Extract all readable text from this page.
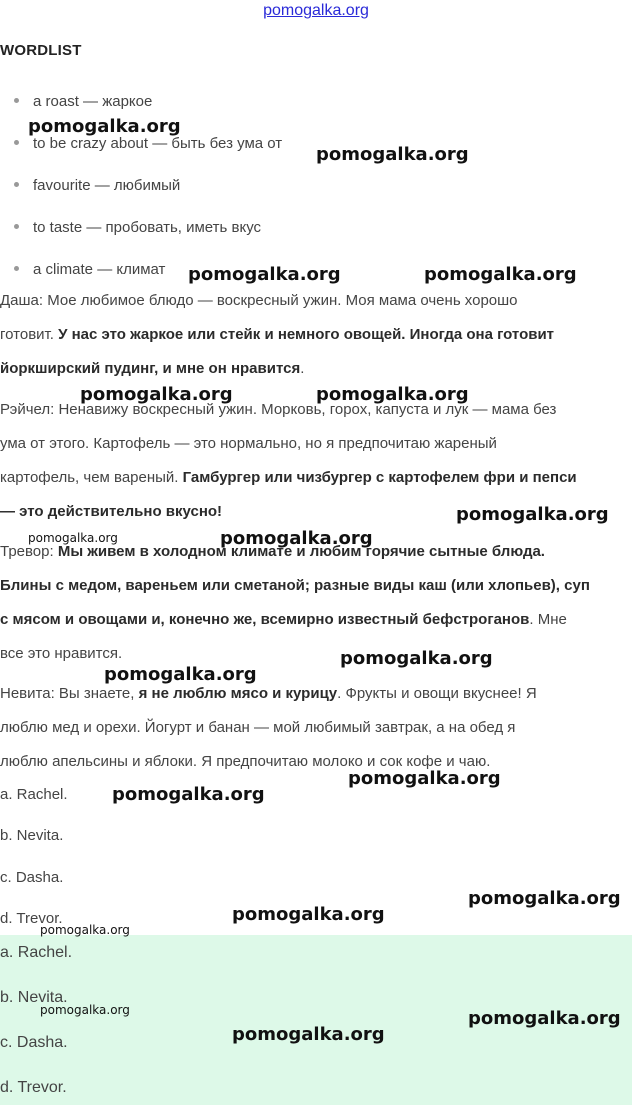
pomogalka.org
WORDLIST
a roast — жаркое
to be crazy about — быть без ума от
favourite — любимый
to taste — пробовать, иметь вкус
a climate — климат
Даша: Мое любимое блюдо — воскресный ужин. Моя мама очень хорошо
готовит. У нас это жаркое или стейк и немного овощей. Иногда она готовит
йоркширский пудинг, и мне он нравится.
Рэйчел: Ненавижу воскресный ужин. Морковь, горох, капуста и лук — мама без
ума от этого. Картофель — это нормально, но я предпочитаю жареный
картофель, чем вареный. Гамбургер или чизбургер с картофелем фри и пепси
— это действительно вкусно!
Тревор: Мы живем в холодном климате и любим горячие сытные блюда.
Блины с медом, вареньем или сметаной; разные виды каш (или хлопьев), суп
с мясом и овощами и, конечно же, всемирно известный бефстроганов. Мне
все это нравится.
Невита: Вы знаете, я не люблю мясо и курицу. Фрукты и овощи вкуснее! Я
люблю мед и орехи. Йогурт и банан — мой любимый завтрак, а на обед я
люблю апельсины и яблоки. Я предпочитаю молоко и сок кофе и чаю.
a. Rachel.
b. Nevita.
c. Dasha.
d. Trevor.
a. Rachel.
b. Nevita.
c. Dasha.
d. Trevor.
pomogalka.org
pomogalka.org
pomogalka.org	pomogalka.org
pomogalka.org	pomogalka.org
pomogalka.org
pomogalka.org	pomogalka.org
pomogalka.org
pomogalka.org
pomogalka.org
pomogalka.org
pomogalka.org
pomogalka.org
pomogalka.org
pomogalka.org	pomogalka.org
pomogalka.org
